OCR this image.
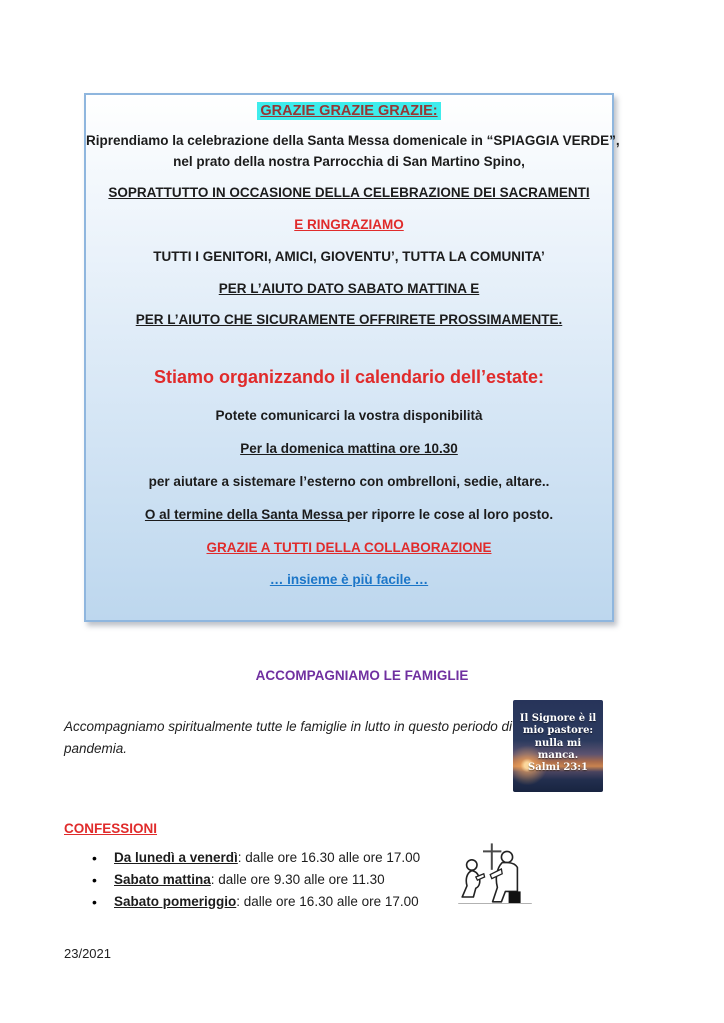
GRAZIE GRAZIE GRAZIE:
Riprendiamo la celebrazione della Santa Messa domenicale in “SPIAGGIA VERDE”,
nel prato della nostra Parrocchia di San Martino Spino,
SOPRATTUTTO IN OCCASIONE DELLA CELEBRAZIONE DEI SACRAMENTI
E RINGRAZIAMO
TUTTI I GENITORI, AMICI, GIOVENTU’, TUTTA LA COMUNITA’
PER L’AIUTO DATO SABATO MATTINA E
PER L’AIUTO CHE SICURAMENTE OFFRIRETE PROSSIMAMENTE.
Stiamo organizzando il calendario dell’estate:
Potete comunicarci la vostra disponibilità
Per la domenica mattina ore 10.30
per aiutare a sistemare l’esterno con ombrelloni, sedie, altare..
O al termine della Santa Messa per riporre le cose al loro posto.
GRAZIE A TUTTI DELLA COLLABORAZIONE
… insieme è più facile …
ACCOMPAGNIAMO LE FAMIGLIE
Accompagniamo spiritualmente tutte le famiglie in lutto in questo periodo di pandemia.
Il Signore è il
mio pastore:
nulla mi
manca.
Salmi 23:1
CONFESSIONI
• Da lunedì a venerdì: dalle ore 16.30 alle ore 17.00
• Sabato mattina: dalle ore 9.30 alle ore 11.30
• Sabato pomeriggio: dalle ore 16.30 alle ore 17.00
23/2021
